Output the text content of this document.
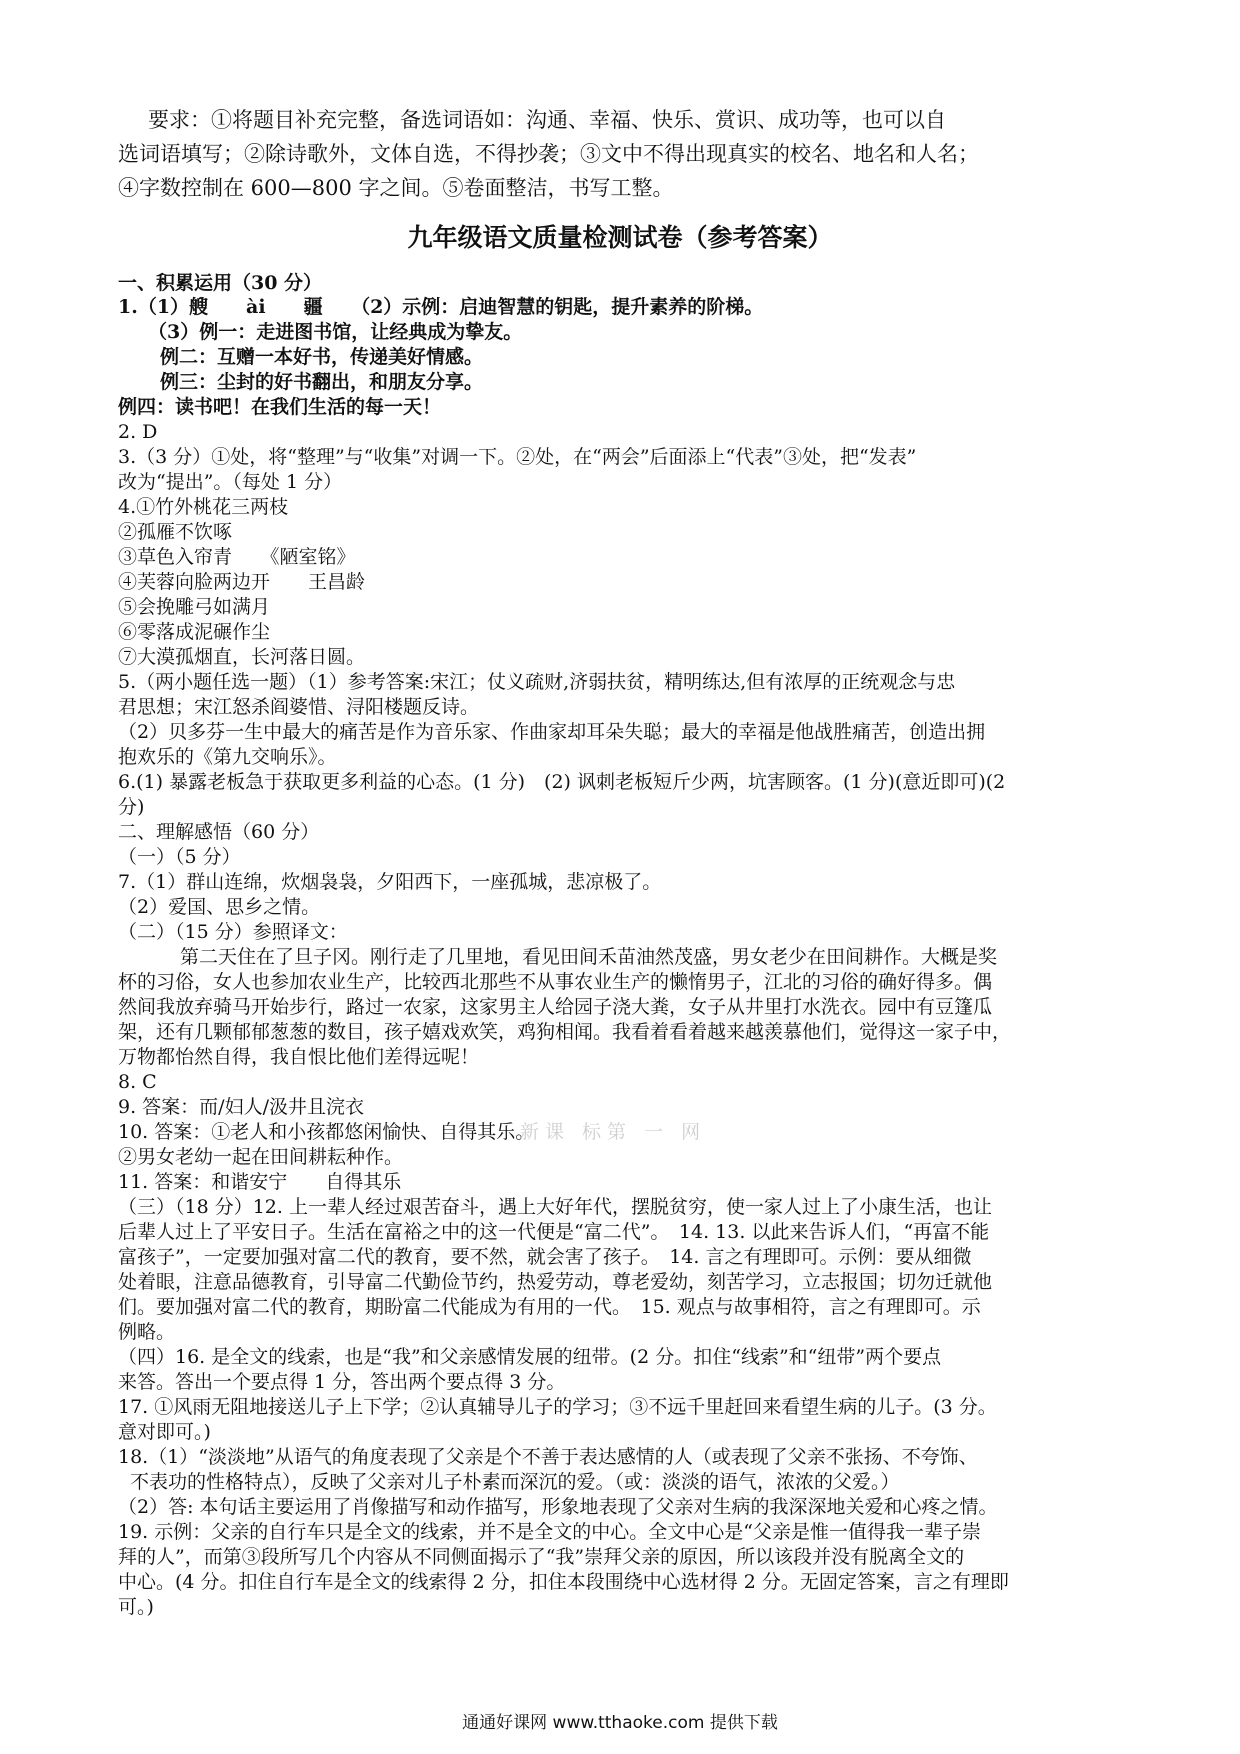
要求：①将题目补充完整，备选词语如：沟通、幸福、快乐、赏识、成功等，也可以自
选词语填写；②除诗歌外，文体自选，不得抄袭；③文中不得出现真实的校名、地名和人名；
④字数控制在 600—800 字之间。⑤卷面整洁，书写工整。
九年级语文质量检测试卷（参考答案）
一、积累运用（30 分）
1.（1）艘　　ài　　疆　　（2）示例：启迪智慧的钥匙，提升素养的阶梯。
（3）例一：走进图书馆，让经典成为挚友。
例二：互赠一本好书，传递美好情感。
例三：尘封的好书翻出，和朋友分享。
例四：读书吧！在我们生活的每一天！
2. D
3.（3 分）①处，将“整理”与“收集”对调一下。②处，在“两会”后面添上“代表”③处，把“发表”
改为“提出”。（每处 1 分）
4.①竹外桃花三两枝
②孤雁不饮啄
③草色入帘青　　《陋室铭》
④芙蓉向脸两边开　　王昌龄
⑤会挽雕弓如满月
⑥零落成泥碾作尘
⑦大漠孤烟直，长河落日圆。
5.（两小题任选一题）（1）参考答案:宋江；仗义疏财,济弱扶贫，精明练达,但有浓厚的正统观念与忠
君思想；宋江怒杀阎婆惜、浔阳楼题反诗。
（2）贝多芬一生中最大的痛苦是作为音乐家、作曲家却耳朵失聪；最大的幸福是他战胜痛苦，创造出拥
抱欢乐的《第九交响乐》。
6.(1) 暴露老板急于获取更多利益的心态。(1 分)　(2) 讽刺老板短斤少两，坑害顾客。(1 分)(意近即可)(2
分)
二、理解感悟（60 分）
（一）（5 分）
7.（1）群山连绵，炊烟袅袅，夕阳西下，一座孤城，悲凉极了。
（2）爱国、思乡之情。
（二）（15 分）参照译文：
第二天住在了旦子冈。刚行走了几里地，看见田间禾苗油然茂盛，男女老少在田间耕作。大概是奖
杯的习俗，女人也参加农业生产，比较西北那些不从事农业生产的懒惰男子，江北的习俗的确好得多。偶
然间我放弃骑马开始步行，路过一农家，这家男主人给园子浇大粪，女子从井里打水洗衣。园中有豆篷瓜
架，还有几颗郁郁葱葱的数目，孩子嬉戏欢笑，鸡狗相闻。我看着看着越来越羡慕他们，觉得这一家子中，
万物都怡然自得，我自恨比他们差得远呢！
8. C
9. 答案：而/妇人/汲井且浣衣
10. 答案：①老人和小孩都悠闲愉快、自得其乐。
②男女老幼一起在田间耕耘种作。
11. 答案：和谐安宁　　自得其乐
（三）（18 分）12. 上一辈人经过艰苦奋斗，遇上大好年代，摆脱贫穷，使一家人过上了小康生活，也让
后辈人过上了平安日子。生活在富裕之中的这一代便是“富二代”。　14. 13. 以此来告诉人们，“再富不能
富孩子”，一定要加强对富二代的教育，要不然，就会害了孩子。　14. 言之有理即可。示例：要从细微
处着眼，注意品德教育，引导富二代勤俭节约，热爱劳动，尊老爱幼，刻苦学习，立志报国；切勿迁就他
们。要加强对富二代的教育，期盼富二代能成为有用的一代。　15. 观点与故事相符，言之有理即可。示
例略。
（四）16. 是全文的线索，也是“我”和父亲感情发展的纽带。(2 分。扣住“线索”和“纽带”两个要点
来答。答出一个要点得 1 分，答出两个要点得 3 分。
17. ①风雨无阻地接送儿子上下学；②认真辅导儿子的学习；③不远千里赶回来看望生病的儿子。(3 分。
意对即可。)
18.（1）“淡淡地”从语气的角度表现了父亲是个不善于表达感情的人（或表现了父亲不张扬、不夸饰、
不表功的性格特点），反映了父亲对儿子朴素而深沉的爱。（或：淡淡的语气，浓浓的父爱。）
（2）答: 本句话主要运用了肖像描写和动作描写，形象地表现了父亲对生病的我深深地关爱和心疼之情。
19. 示例：父亲的自行车只是全文的线索，并不是全文的中心。全文中心是“父亲是惟一值得我一辈子崇
拜的人”，而第③段所写几个内容从不同侧面揭示了“我”崇拜父亲的原因，所以该段并没有脱离全文的
中心。(4 分。扣住自行车是全文的线索得 2 分，扣住本段围绕中心选材得 2 分。无固定答案，言之有理即
可。)
新课 标第 一 网
通通好课网 www.tthaoke.com 提供下载
